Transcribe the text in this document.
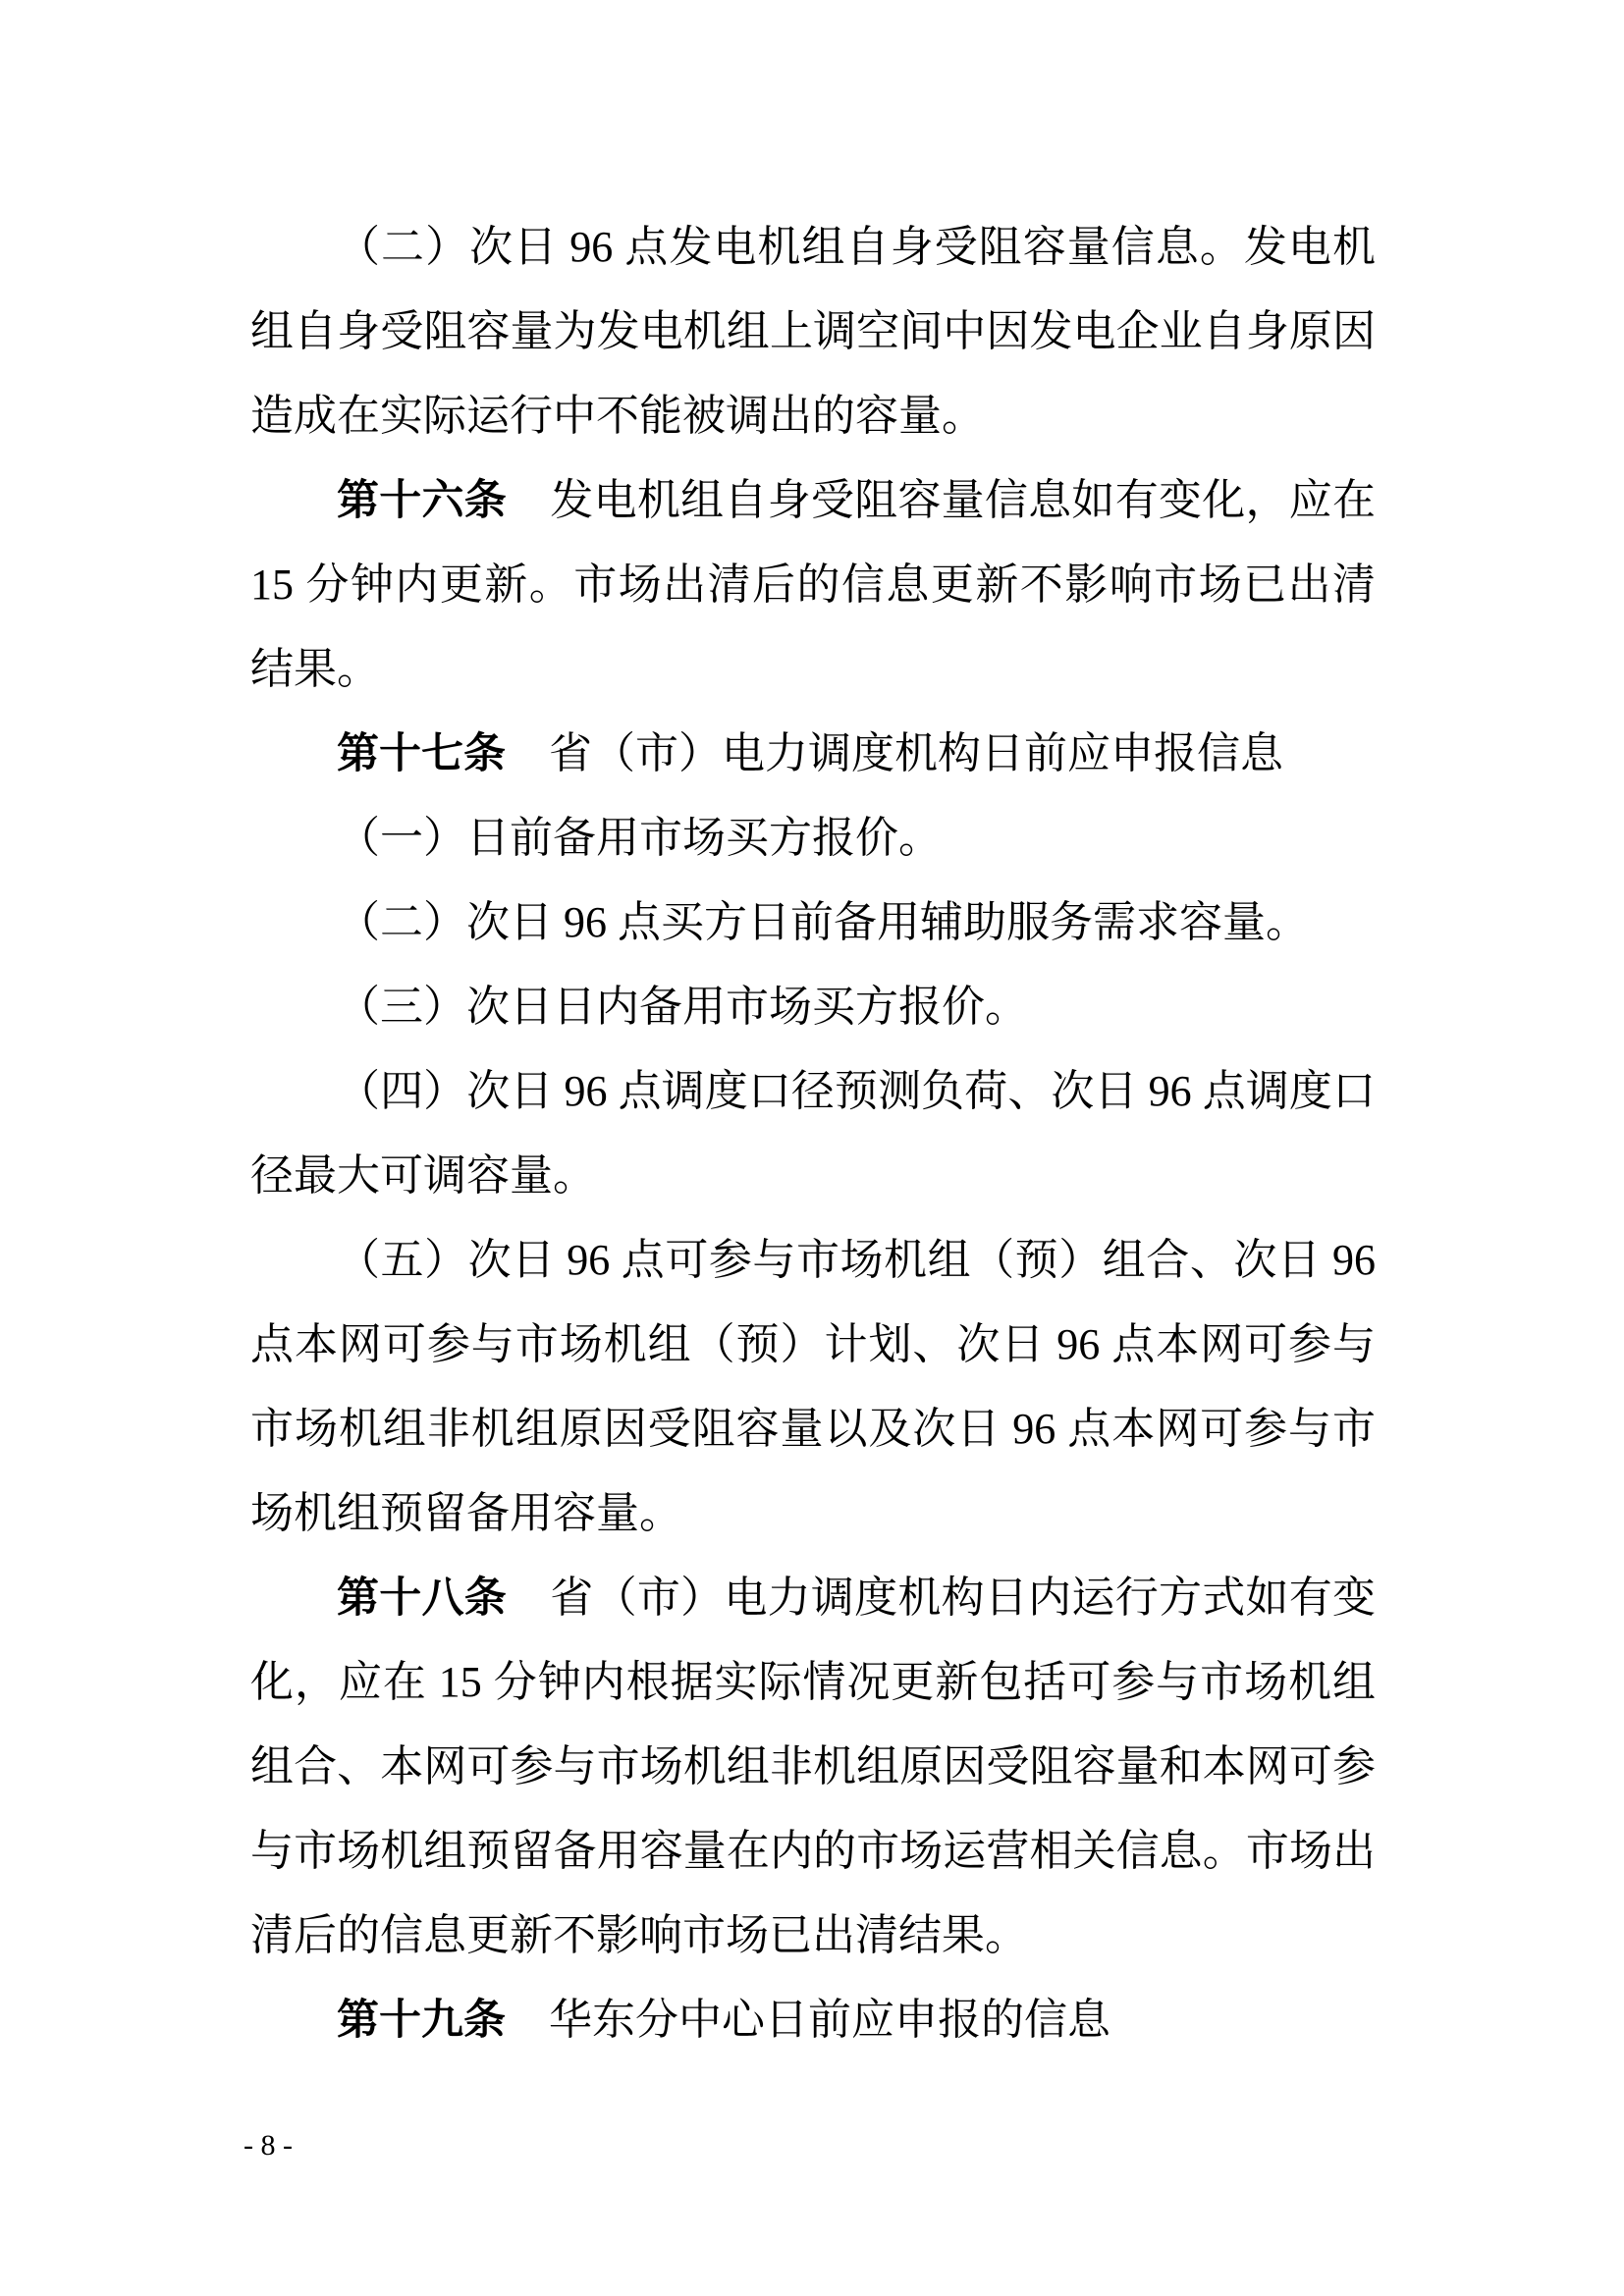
（二）次日 96 点发电机组自身受阻容量信息。发电机组自身受阻容量为发电机组上调空间中因发电企业自身原因造成在实际运行中不能被调出的容量。

第十六条　发电机组自身受阻容量信息如有变化，应在 15 分钟内更新。市场出清后的信息更新不影响市场已出清结果。

第十七条　省（市）电力调度机构日前应申报信息

（一）日前备用市场买方报价。

（二）次日 96 点买方日前备用辅助服务需求容量。

（三）次日日内备用市场买方报价。

（四）次日 96 点调度口径预测负荷、次日 96 点调度口径最大可调容量。

（五）次日 96 点可参与市场机组（预）组合、次日 96 点本网可参与市场机组（预）计划、次日 96 点本网可参与市场机组非机组原因受阻容量以及次日 96 点本网可参与市场机组预留备用容量。

第十八条　省（市）电力调度机构日内运行方式如有变化，应在 15 分钟内根据实际情况更新包括可参与市场机组组合、本网可参与市场机组非机组原因受阻容量和本网可参与市场机组预留备用容量在内的市场运营相关信息。市场出清后的信息更新不影响市场已出清结果。

第十九条　华东分中心日前应申报的信息

- 8 -
